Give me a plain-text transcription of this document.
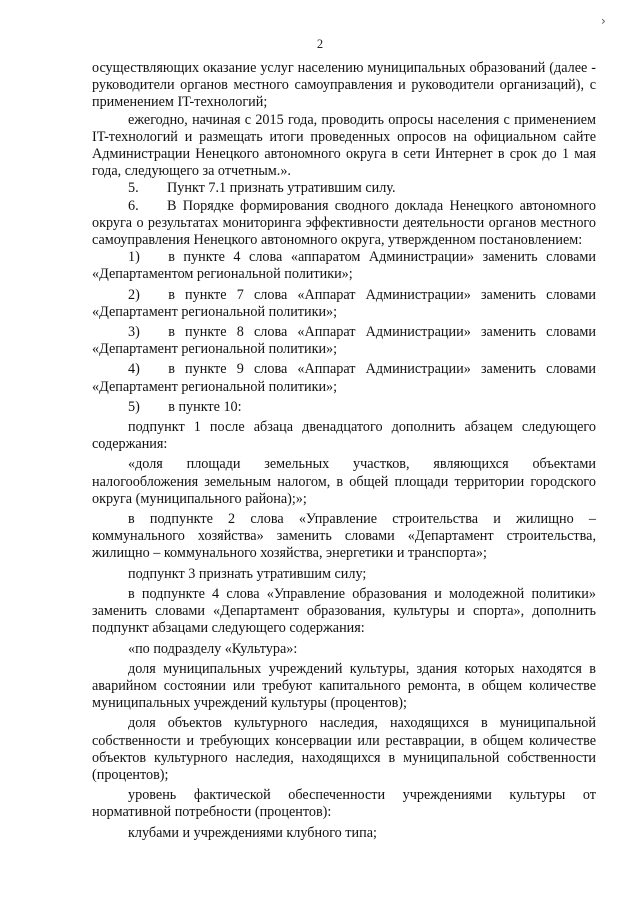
›
2

осуществляющих оказание услуг населению муниципальных образований (далее - руководители органов местного самоуправления и руководители организаций), с применением IT-технологий;

ежегодно, начиная с 2015 года, проводить опросы населения с применением IT-технологий и размещать итоги проведенных опросов на официальном сайте Администрации Ненецкого автономного округа в сети Интернет в срок до 1 мая года, следующего за отчетным.».

5.  Пункт 7.1 признать утратившим силу.

6.  В Порядке формирования сводного доклада Ненецкого автономного округа о результатах мониторинга эффективности деятельности органов местного самоуправления Ненецкого автономного округа, утвержденном постановлением:

1)  в пункте 4 слова «аппаратом Администрации» заменить словами «Департаментом региональной политики»;

2)  в пункте 7 слова «Аппарат Администрации» заменить словами «Департамент региональной политики»;

3)  в пункте 8 слова «Аппарат Администрации» заменить словами «Департамент региональной политики»;

4)  в пункте 9 слова «Аппарат Администрации» заменить словами «Департамент региональной политики»;

5)  в пункте 10:

подпункт 1 после абзаца двенадцатого дополнить абзацем следующего содержания:

«доля площади земельных участков, являющихся объектами налогообложения земельным налогом, в общей площади территории городского округа (муниципального района);»;

в подпункте 2 слова «Управление строительства и жилищно – коммунального хозяйства» заменить словами «Департамент строительства, жилищно – коммунального хозяйства, энергетики и транспорта»;

подпункт 3 признать утратившим силу;

в подпункте 4 слова «Управление образования и молодежной политики» заменить словами «Департамент образования, культуры и спорта», дополнить подпункт абзацами следующего содержания:

«по подразделу «Культура»:

доля муниципальных учреждений культуры, здания которых находятся в аварийном состоянии или требуют капитального ремонта, в общем количестве муниципальных учреждений культуры (процентов);

доля объектов культурного наследия, находящихся в муниципальной собственности и требующих консервации или реставрации, в общем количестве объектов культурного наследия, находящихся в муниципальной собственности (процентов);

уровень фактической обеспеченности учреждениями культуры от нормативной потребности (процентов):

клубами и учреждениями клубного типа;
